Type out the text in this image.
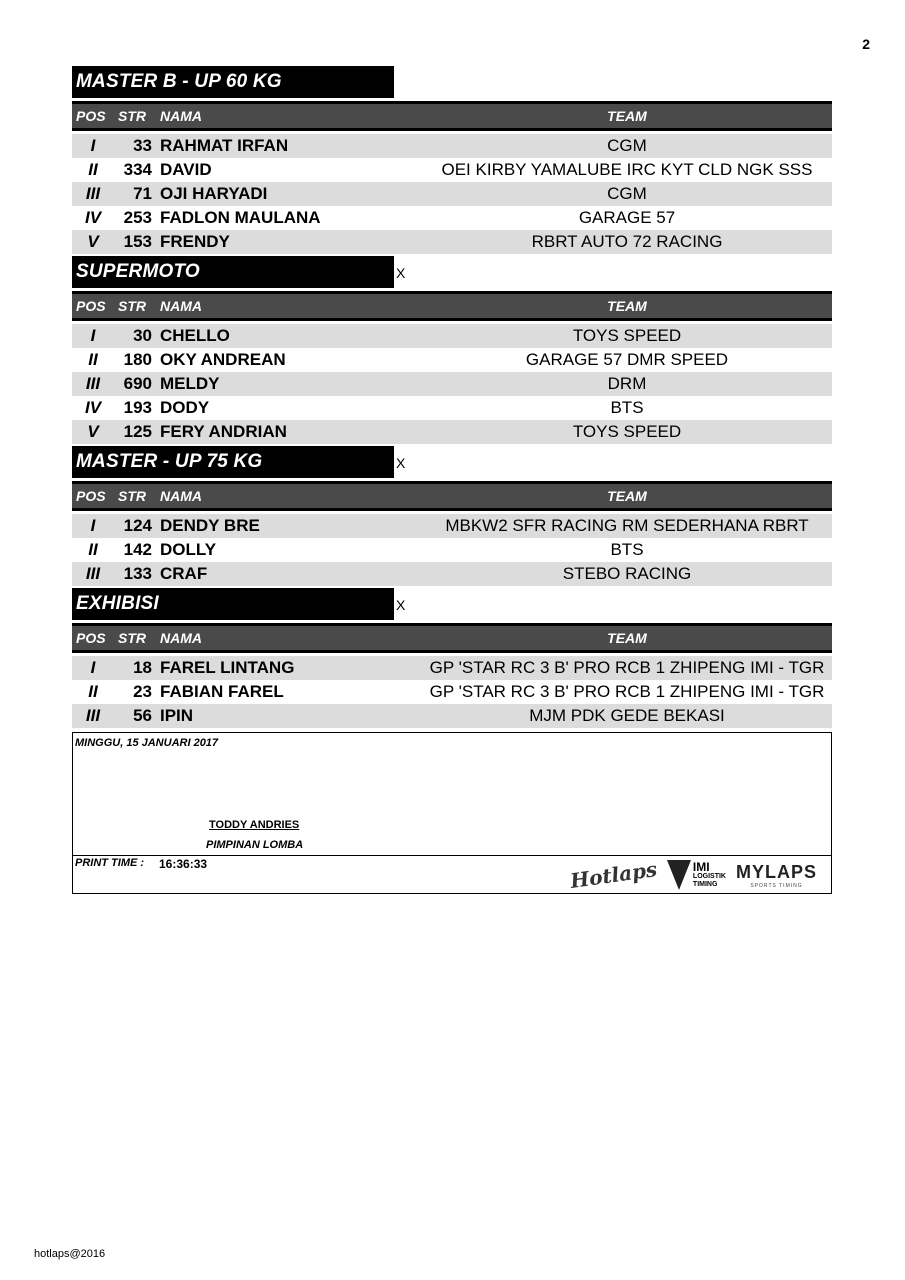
2
MASTER B - UP 60 KG
POS STR	NAMA	TEAM
I	33 RAHMAT IRFAN	CGM
II	334 DAVID	OEI KIRBY YAMALUBE IRC KYT CLD NGK SSS
III	71 OJI HARYADI	CGM
IV	253 FADLON MAULANA	GARAGE 57
V	153 FRENDY	RBRT AUTO 72 RACING
SUPERMOTO	X
POS STR	NAMA	TEAM
I	30 CHELLO	TOYS SPEED
II	180 OKY ANDREAN	GARAGE 57 DMR SPEED
III	690 MELDY	DRM
IV	193 DODY	BTS
V	125 FERY ANDRIAN	TOYS SPEED
MASTER - UP 75 KG	X
POS STR	NAMA	TEAM
I	124 DENDY BRE	MBKW2 SFR RACING RM SEDERHANA RBRT
II	142 DOLLY	BTS
III	133 CRAF	STEBO RACING
EXHIBISI	X
POS STR	NAMA	TEAM
I	18 FAREL LINTANG	GP 'STAR RC 3 B' PRO RCB 1 ZHIPENG IMI - TGR
II	23 FABIAN FAREL	GP 'STAR RC 3 B' PRO RCB 1 ZHIPENG IMI - TGR
III	56 IPIN	MJM PDK GEDE BEKASI
MINGGU, 15 JANUARI 2017
TODDY ANDRIES
PIMPINAN LOMBA
PRINT TIME : 16:36:33	Hotlaps	IMI
LOGISTIK
TIMING
MYLAPS
SPORTS TIMING
hotlaps@2016
